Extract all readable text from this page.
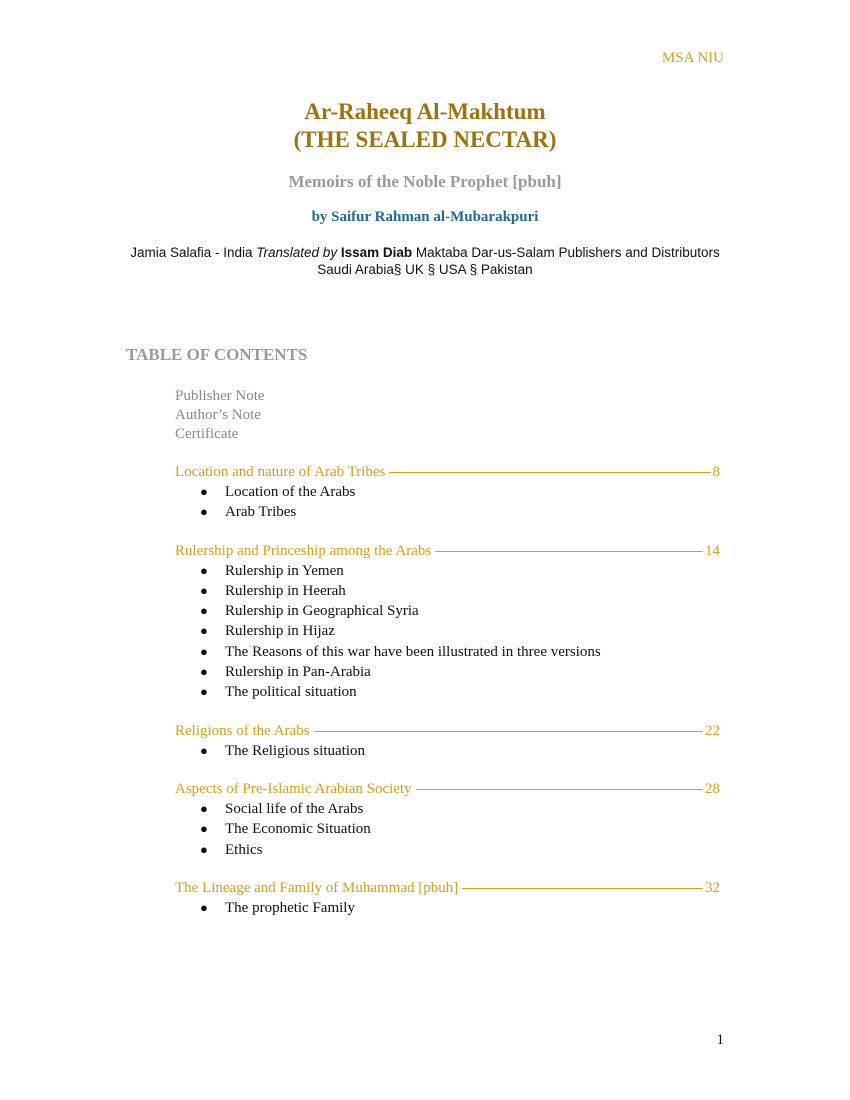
MSA NIU
Ar-Raheeq Al-Makhtum
(THE SEALED NECTAR)
Memoirs of the Noble Prophet [pbuh]
by Saifur Rahman al-Mubarakpuri
Jamia Salafia - India Translated by Issam Diab Maktaba Dar-us-Salam Publishers and Distributors Saudi Arabia§ UK § USA § Pakistan
TABLE OF CONTENTS
Publisher Note
Author’s Note
Certificate
Location and nature of Arab Tribes	8
● Location of the Arabs
● Arab Tribes
Rulership and Princeship among the Arabs	14
● Rulership in Yemen
● Rulership in Heerah
● Rulership in Geographical Syria
● Rulership in Hijaz
● The Reasons of this war have been illustrated in three versions
● Rulership in Pan-Arabia
● The political situation
Religions of the Arabs	22
● The Religious situation
Aspects of Pre-Islamic Arabian Society	28
● Social life of the Arabs
● The Economic Situation
● Ethics
The Lineage and Family of Muhammad [pbuh]	32
● The prophetic Family
1
